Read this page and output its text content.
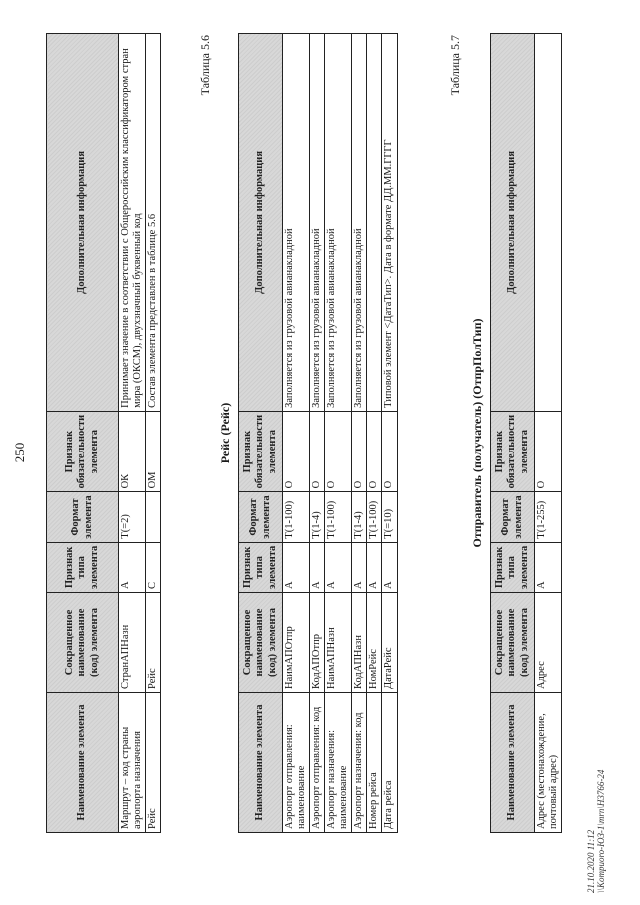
250
Наименование элемента	Сокращенное наименование (код) элемента	Признак типа элемента	Формат элемента	Признак обязательности элемента	Дополнительная информация
Маршрут – код страны аэропорта назначения	СтранАПНазн	А	Т(=2)	ОК	Принимает значение в соответствии с Общероссийским классификатором стран мира (ОКСМ), двухзначный буквенный код
Рейс	Рейс	С		ОМ	Состав элемента представлен в таблице 5.6
Таблица 5.6
Рейс (Рейс)
Наименование элемента	Сокращенное наименование (код) элемента	Признак типа элемента	Формат элемента	Признак обязательности элемента	Дополнительная информация
Аэропорт отправления: наименование	НаимАПОтпр	А	Т(1-100)	О	Заполняется из грузовой авианакладной
Аэропорт отправления: код	КодАПОтпр	А	Т(1-4)	О	Заполняется из грузовой авианакладной
Аэропорт назначения: наименование	НаимАПНазн	А	Т(1-100)	О	Заполняется из грузовой авианакладной
Аэропорт назначения: код	КодАПНазн	А	Т(1-4)	О	Заполняется из грузовой авианакладной
Номер рейса	НомРейс	А	Т(1-100)	О	
Дата рейса	ДатаРейс	А	Т(=10)	О	Типовой элемент <ДатаТип>. Дата в формате ДД.ММ.ГГГГ
Таблица 5.7
Отправитель (получатель) (ОтпрПолТип)
Наименование элемента	Сокращенное наименование (код) элемента	Признак типа элемента	Формат элемента	Признак обязательности элемента	Дополнительная информация
Адрес (местонахождение, почтовый адрес)	Адрес	А	Т(1-255)	О	
21.10.2020 11:12 \\Kompuoro-ЮЗ-1\mrn\Н3766-24
